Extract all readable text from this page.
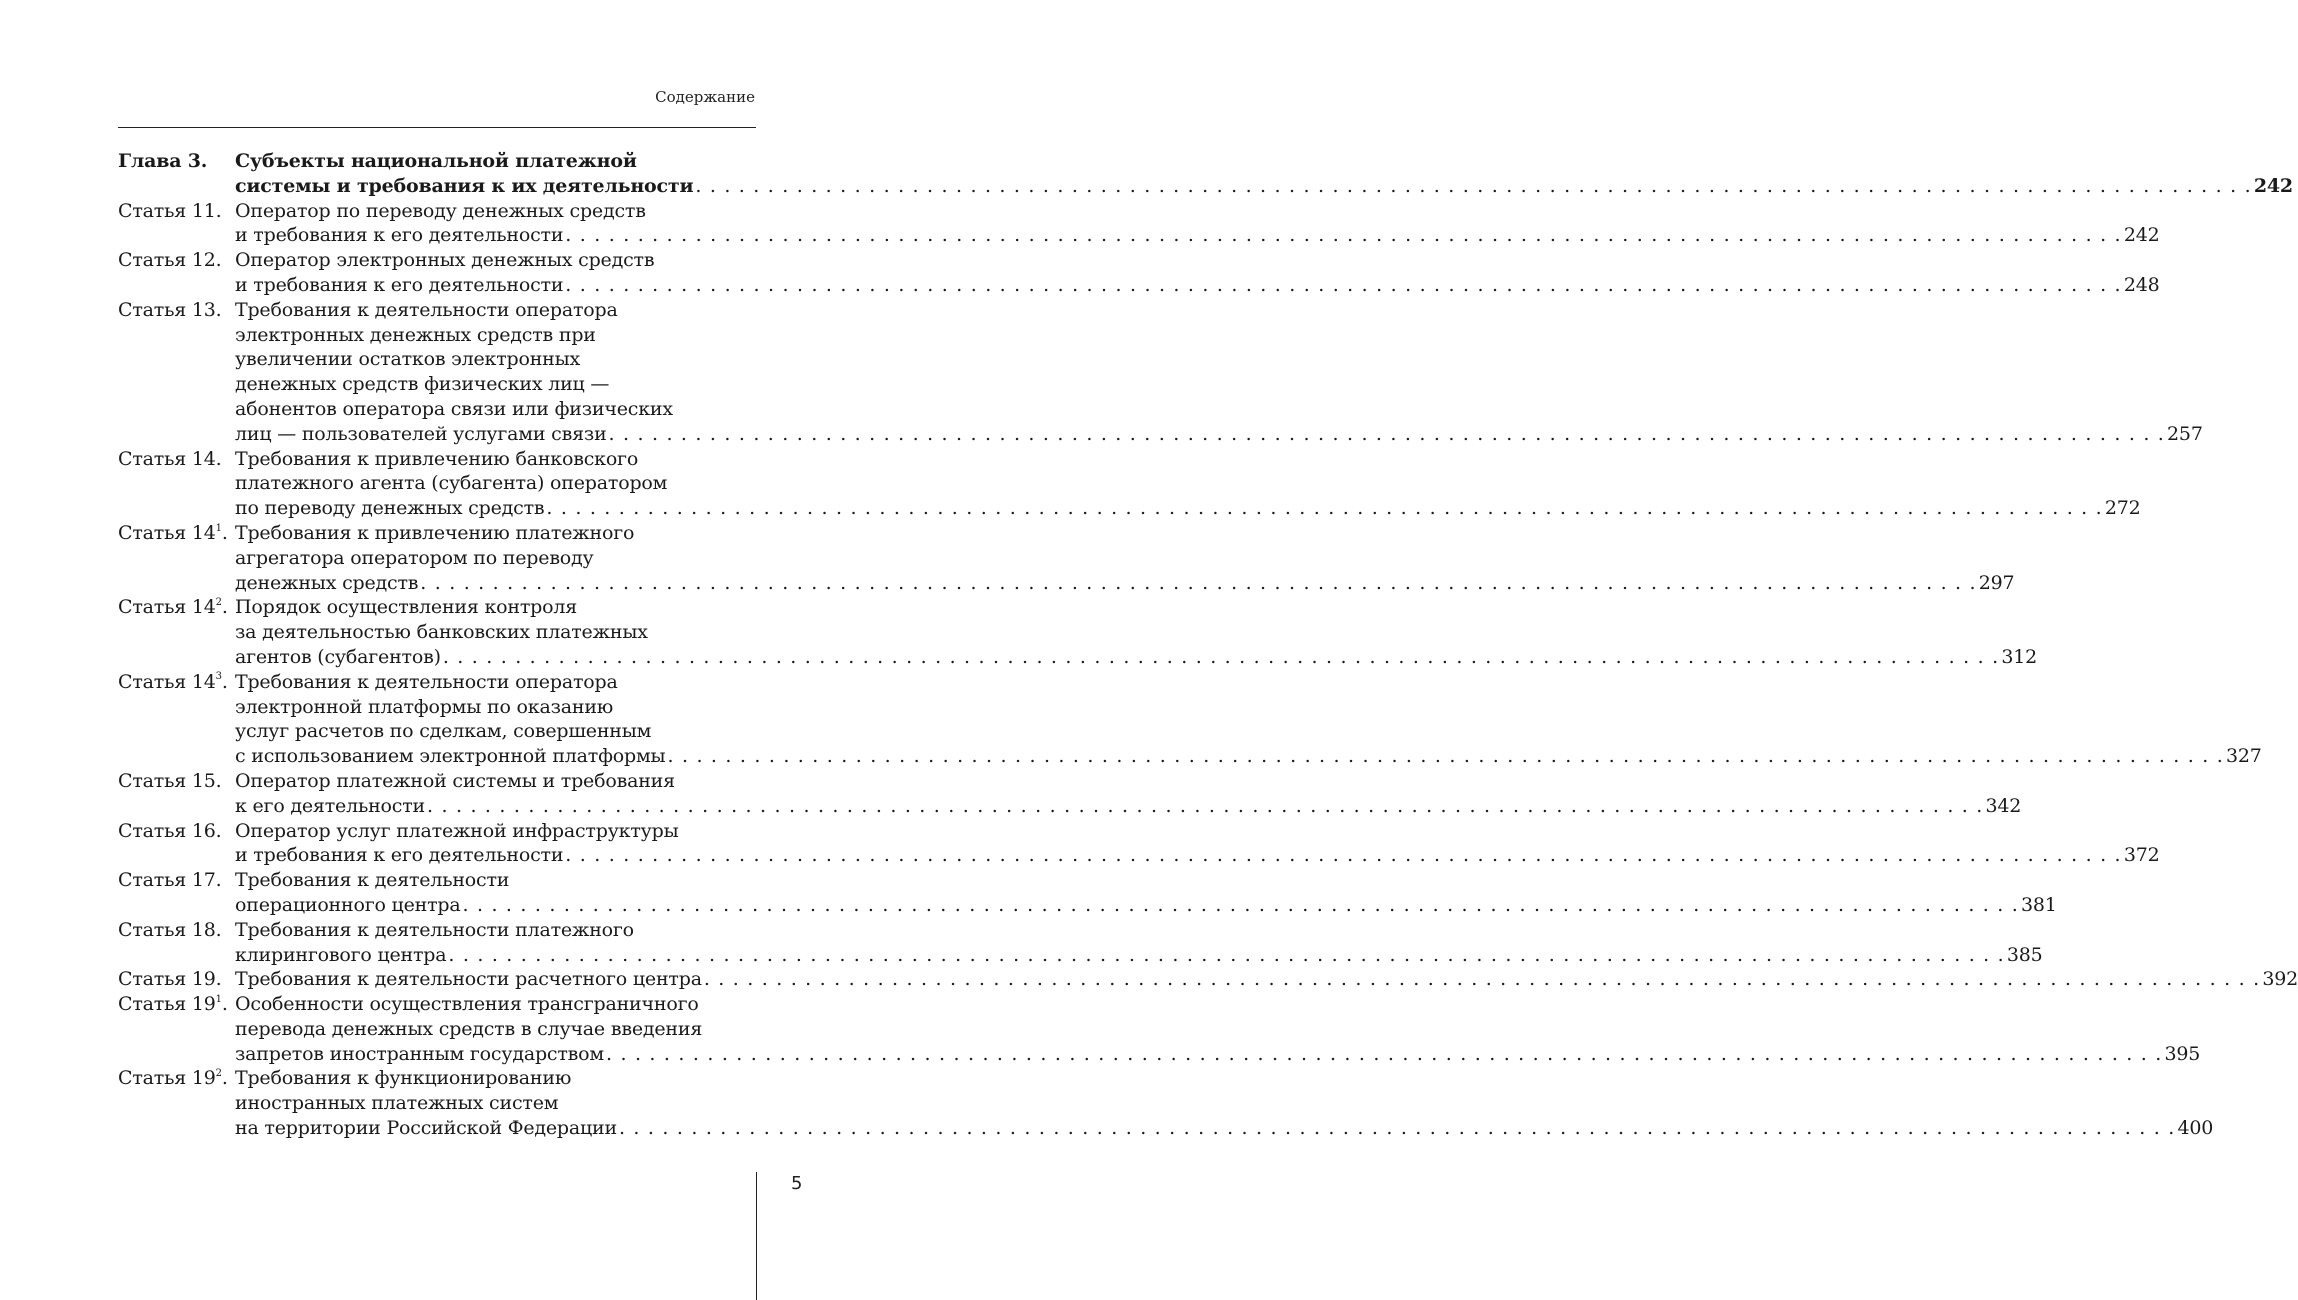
Содержание
Глава 3.	Субъекты национальной платежной
системы и требования к их деятельности . . .	242
Статья 11. Оператор по переводу денежных средств
и требования к его деятельности . . .	242
Статья 12. Оператор электронных денежных средств
и требования к его деятельности . . .	248
Статья 13. Требования к деятельности оператора
электронных денежных средств при
увеличении остатков электронных
денежных средств физических лиц —
абонентов оператора связи или физических
лиц — пользователей услугами связи . . .	257
Статья 14. Требования к привлечению банковского
платежного агента (субагента) оператором
по переводу денежных средств . . .	272
Статья $14^1$. Требования к привлечению платежного
агрегатора оператором по переводу
денежных средств . . .	297
Статья $14^2$. Порядок осуществления контроля
за деятельностью банковских платежных
агентов (субагентов) . . .	312
Статья $14^3$. Требования к деятельности оператора
электронной платформы по оказанию
услуг расчетов по сделкам, совершенным
с использованием электронной платформы . . .	327
Статья 15. Оператор платежной системы и требования
к его деятельности . . .	342
Статья 16. Оператор услуг платежной инфраструктуры
и требования к его деятельности . . .	372
Статья 17. Требования к деятельности
операционного центра . . .	381
Статья 18. Требования к деятельности платежного
клирингового центра . . .	385
Статья 19. Требования к деятельности расчетного центра . . .	392
Статья $19^1$. Особенности осуществления трансграничного
перевода денежных средств в случае введения
запретов иностранным государством . . .	395
Статья $19^2$. Требования к функционированию
иностранных платежных систем
на территории Российской Федерации . . .	400
5
